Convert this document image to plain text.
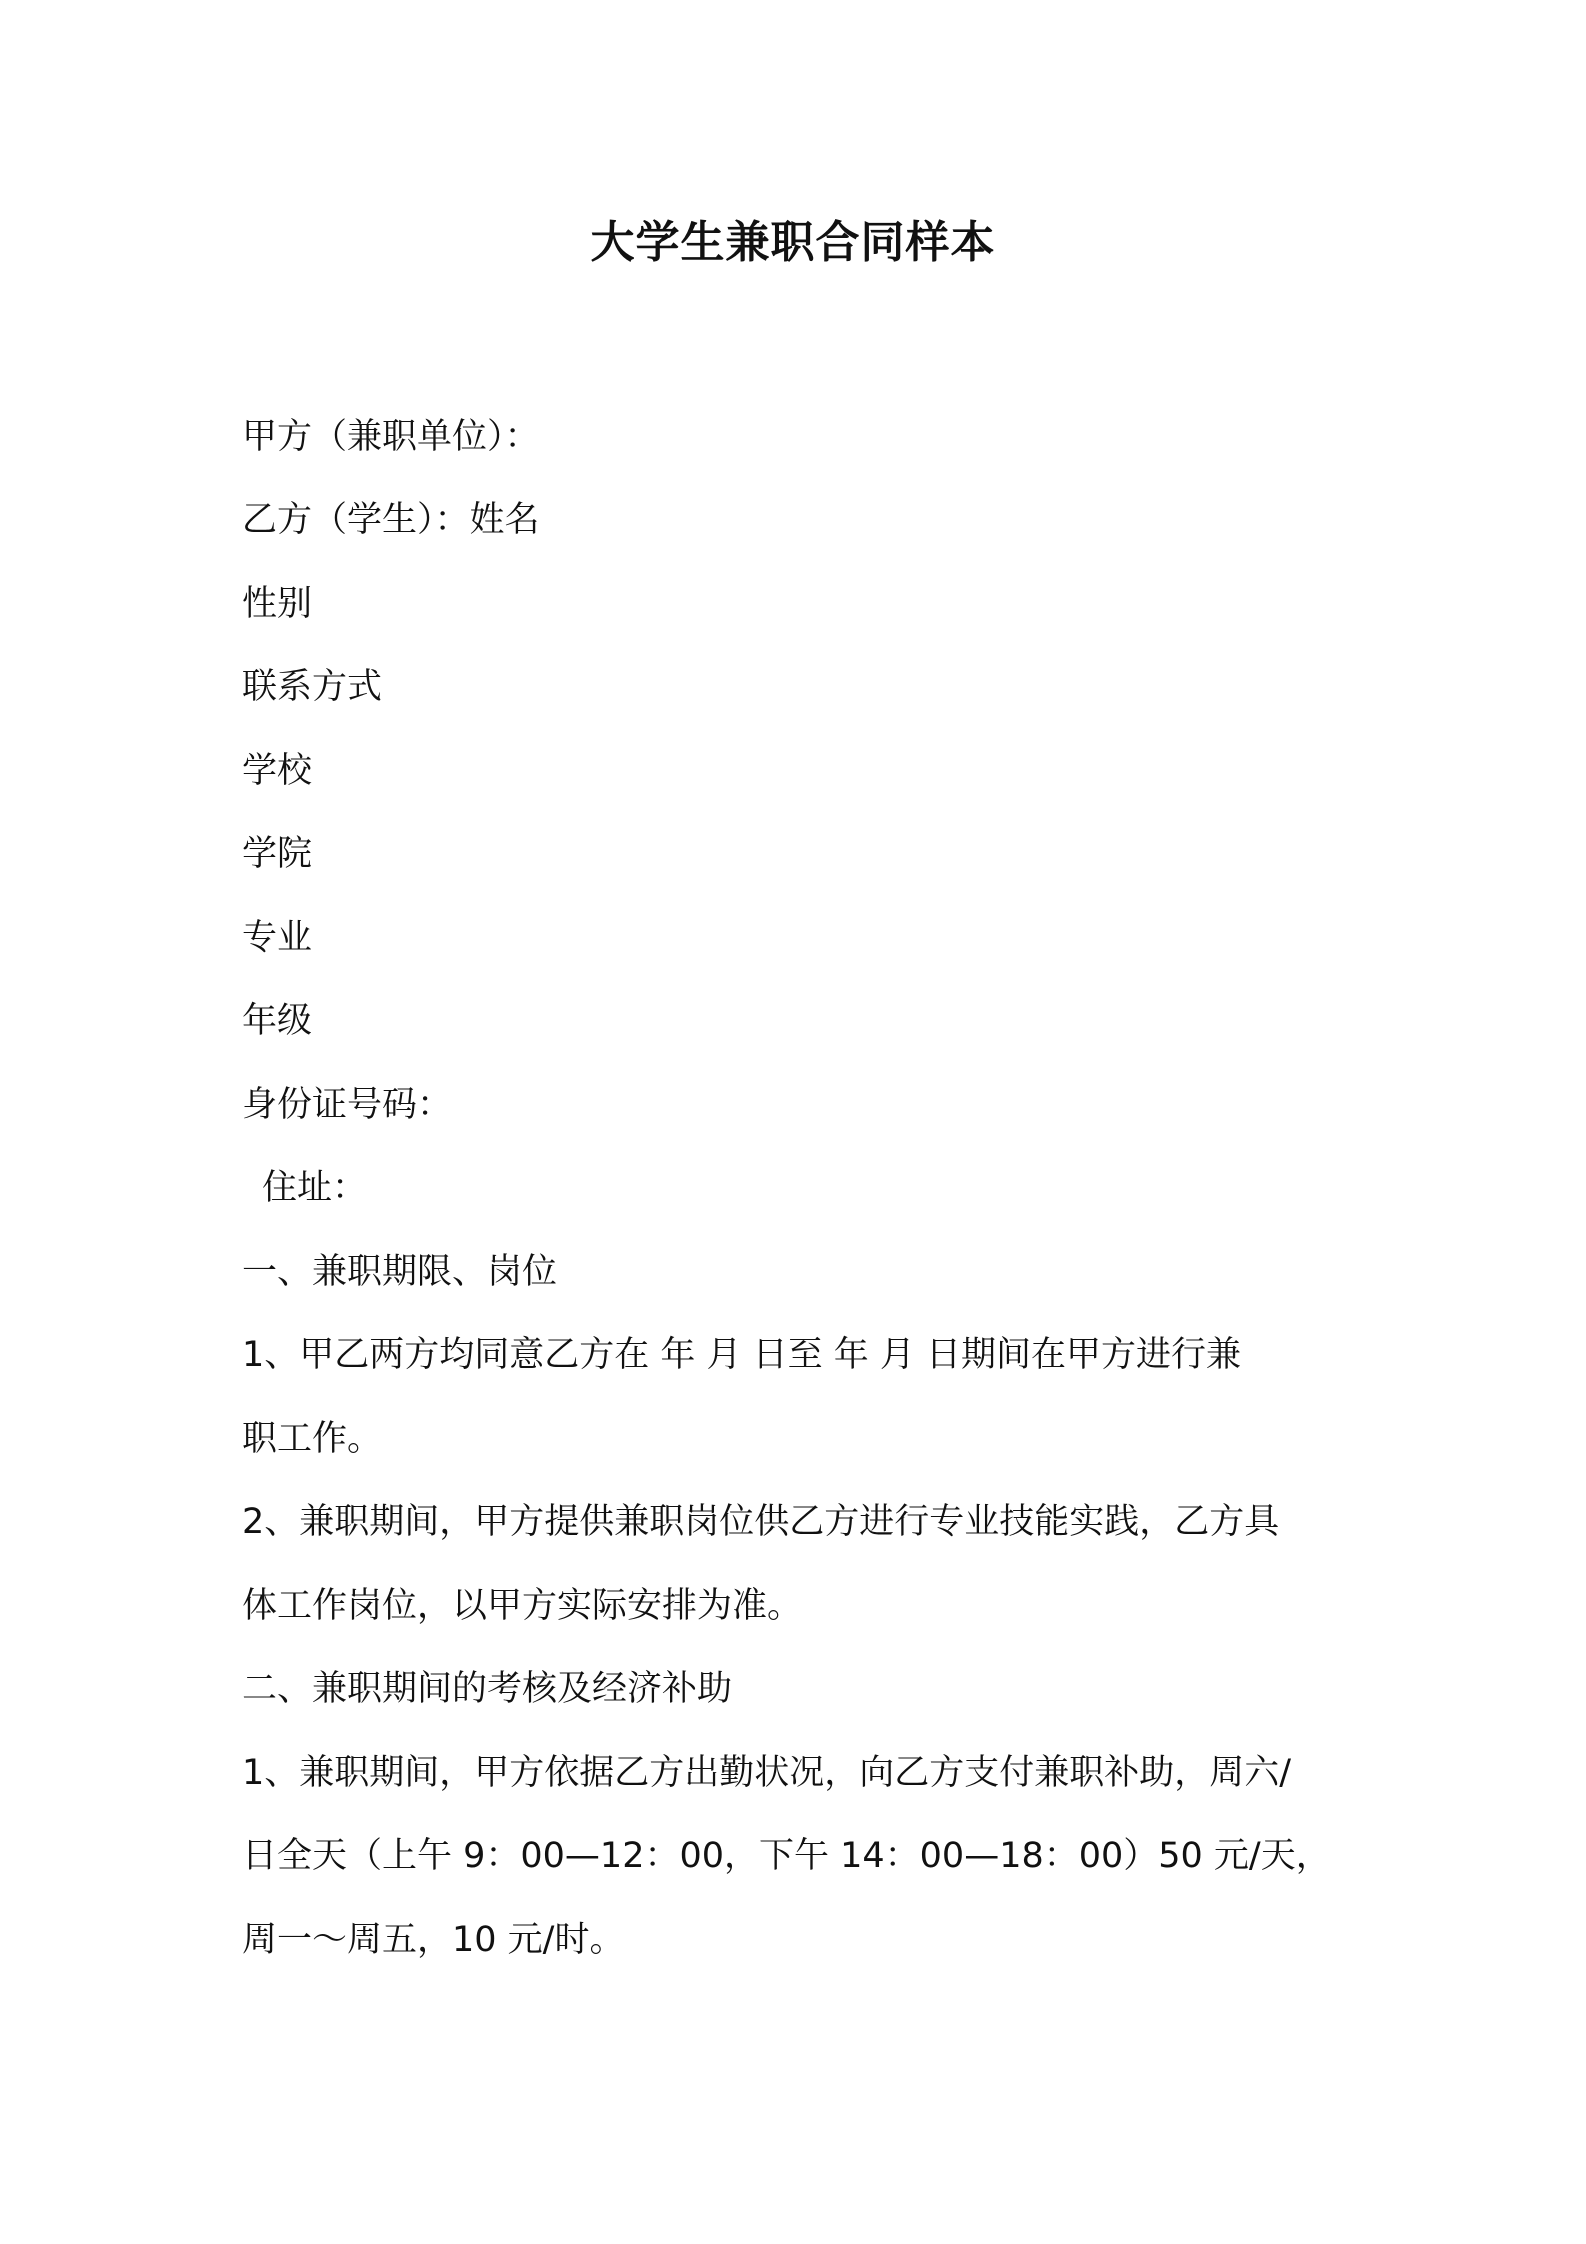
大学生兼职合同样本

甲方（兼职单位）：

乙方（学生）：姓名

性别

联系方式

学校

学院

专业

年级

身份证号码：

住址：

一、兼职期限、岗位

1、甲乙两方均同意乙方在 年 月 日至 年 月 日期间在甲方进行兼

职工作。

2、兼职期间，甲方提供兼职岗位供乙方进行专业技能实践，乙方具

体工作岗位，以甲方实际安排为准。

二、兼职期间的考核及经济补助

1、兼职期间，甲方依据乙方出勤状况，向乙方支付兼职补助，周六/

日全天（上午 9：00—12：00，下午 14：00—18：00）50 元/天，

周一～周五，10 元/时。
